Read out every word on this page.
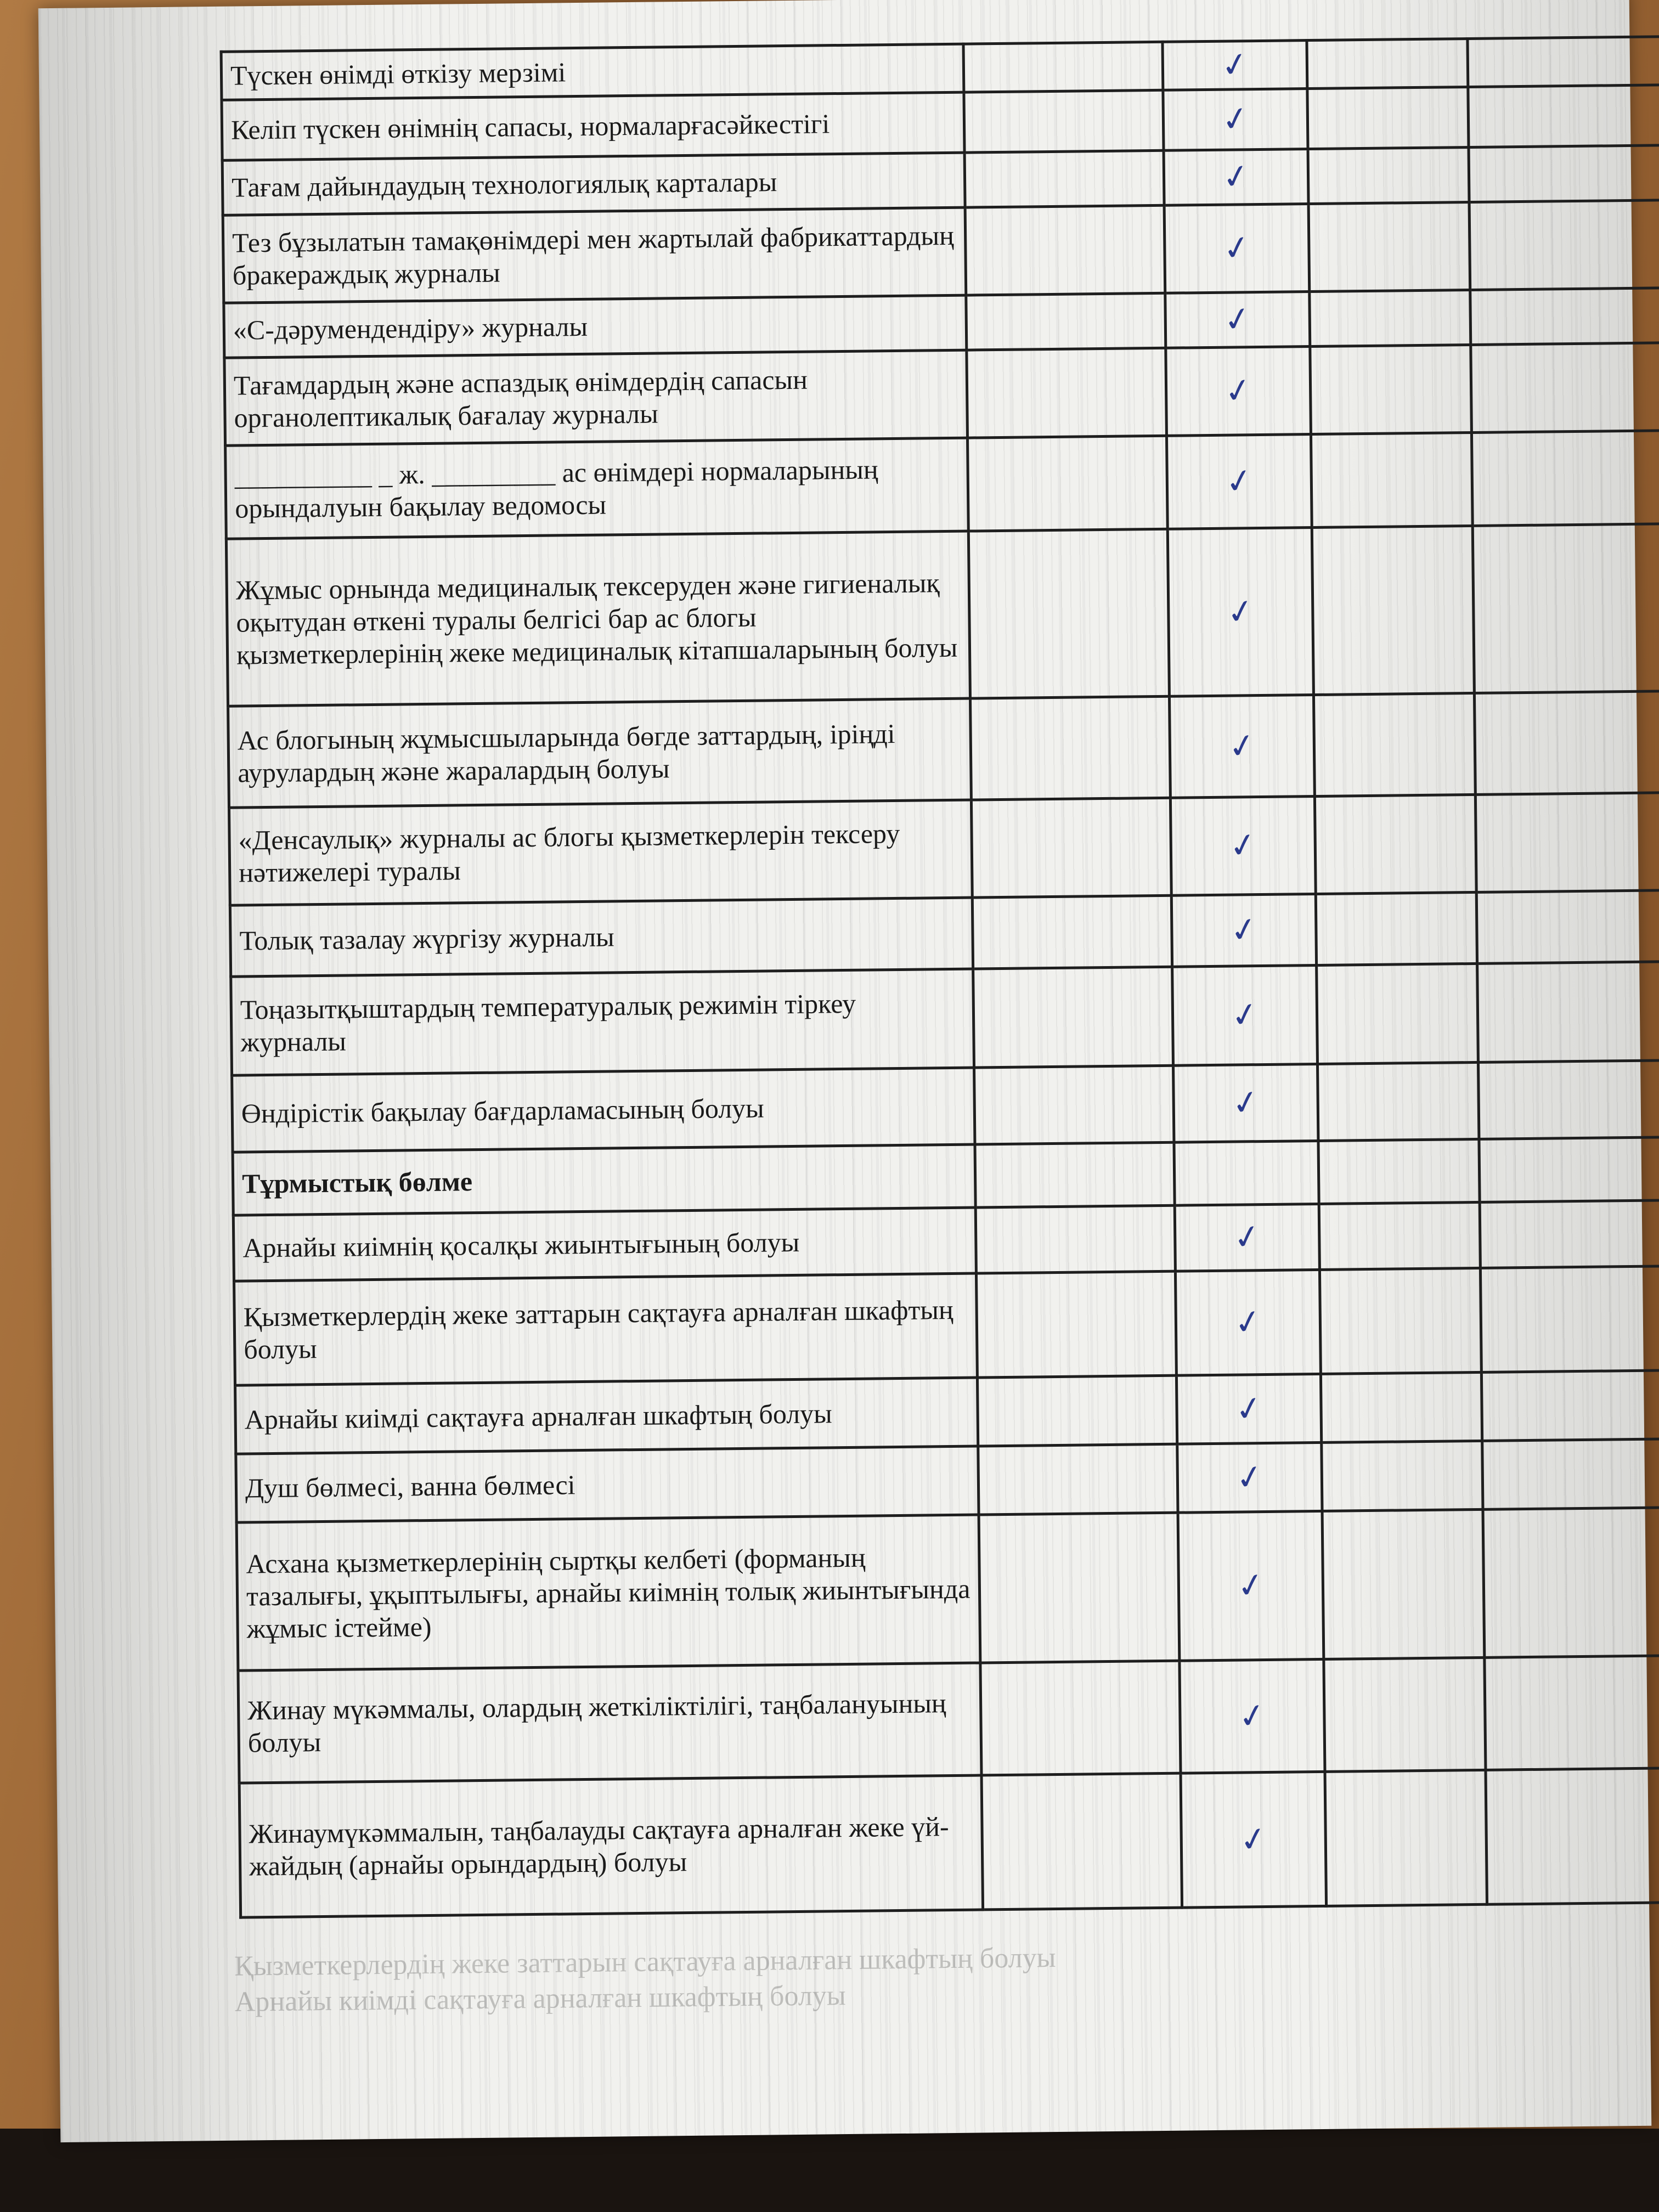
Түскен өнімді өткізу мерзімі		✓		
Келіп түскен өнімнің сапасы, нормаларғасәйкестігі		✓		
Тағам дайындаудың технологиялық карталары		✓		
Тез бұзылатын тамақөнімдері мен жартылай фабрикаттардың бракераждық журналы		✓		
«С-дәрумендендіру» журналы		✓		
Тағамдардың және аспаздық өнімдердің сапасын органолептикалық бағалау журналы		✓		
__________ _ ж. _________ ас өнімдері нормаларының орындалуын бақылау ведомосы		✓		
Жұмыс орнында медициналық тексеруден және гигиеналық оқытудан өткені туралы белгісі бар ас блогы қызметкерлерінің жеке медициналық кітапшаларының болуы		✓		
Ас блогының жұмысшыларында бөгде заттардың, іріңді аурулардың және жаралардың болуы		✓		
«Денсаулық» журналы ас блогы қызметкерлерін тексеру нәтижелері туралы		✓		
Толық тазалау жүргізу журналы		✓		
Тоңазытқыштардың температуралық режимін тіркеу журналы		✓		
Өндірістік бақылау бағдарламасының болуы		✓		
Тұрмыстық бөлме				
Арнайы киімнің қосалқы жиынтығының болуы		✓		
Қызметкерлердің жеке заттарын сақтауға арналған шкафтың болуы		✓		
Арнайы киімді сақтауға арналған шкафтың болуы		✓		
Душ бөлмесі, ванна бөлмесі		✓		
Асхана қызметкерлерінің сыртқы келбеті (форманың тазалығы, ұқыптылығы, арнайы киімнің толық жиынтығында жұмыс істейме)		✓		
Жинау мүкәммалы, олардың жеткіліктілігі, таңбалануының болуы		✓		
Жинаумүкәммалын, таңбалауды сақтауға арналған жеке үй-жайдың (арнайы орындардың) болуы		✓		
Қызметкерлердің жеке заттарын сақтауға арналған шкафтың болуы
Арнайы киімді сақтауға арналған шкафтың болуы
